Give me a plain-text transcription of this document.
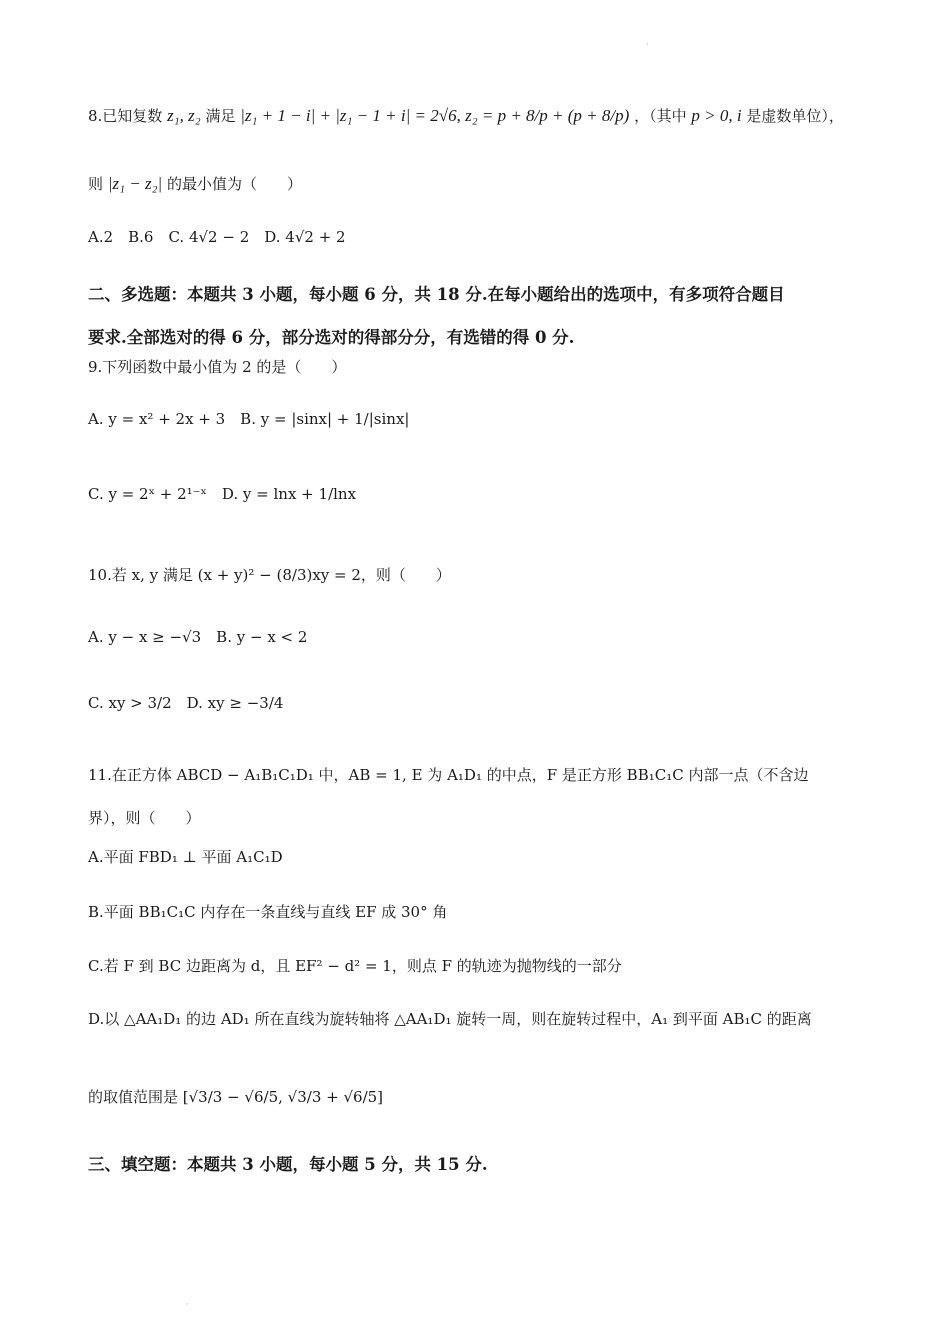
·
8.已知复数 z₁, z₂ 满足 |z₁ + 1 − i| + |z₁ − 1 + i| = 2√6, z₂ = p + 8/p + (p + 8/p) ，（其中 p > 0, i 是虚数单位），
则 |z₁ − z₂| 的最小值为（　　）
A.2　B.6　C. 4√2 − 2　D. 4√2 + 2
二、多选题：本题共 3 小题，每小题 6 分，共 18 分.在每小题给出的选项中，有多项符合题目
要求.全部选对的得 6 分，部分选对的得部分分，有选错的得 0 分.
9.下列函数中最小值为 2 的是（　　）
A. y = x² + 2x + 3　B. y = |sinx| + 1/|sinx|
C. y = 2ˣ + 2¹⁻ˣ　D. y = lnx + 1/lnx
10.若 x, y 满足 (x + y)² − (8/3)xy = 2，则（　　）
A. y − x ≥ −√3　B. y − x < 2
C. xy > 3/2　D. xy ≥ −3/4
11.在正方体 ABCD − A₁B₁C₁D₁ 中，AB = 1, E 为 A₁D₁ 的中点，F 是正方形 BB₁C₁C 内部一点（不含边
界），则（　　）
A.平面 FBD₁ ⊥ 平面 A₁C₁D
B.平面 BB₁C₁C 内存在一条直线与直线 EF 成 30° 角
C.若 F 到 BC 边距离为 d，且 EF² − d² = 1，则点 F 的轨迹为抛物线的一部分
D.以 △AA₁D₁ 的边 AD₁ 所在直线为旋转轴将 △AA₁D₁ 旋转一周，则在旋转过程中，A₁ 到平面 AB₁C 的距离
的取值范围是 [√3/3 − √6/5, √3/3 + √6/5]
三、填空题：本题共 3 小题，每小题 5 分，共 15 分.
·
